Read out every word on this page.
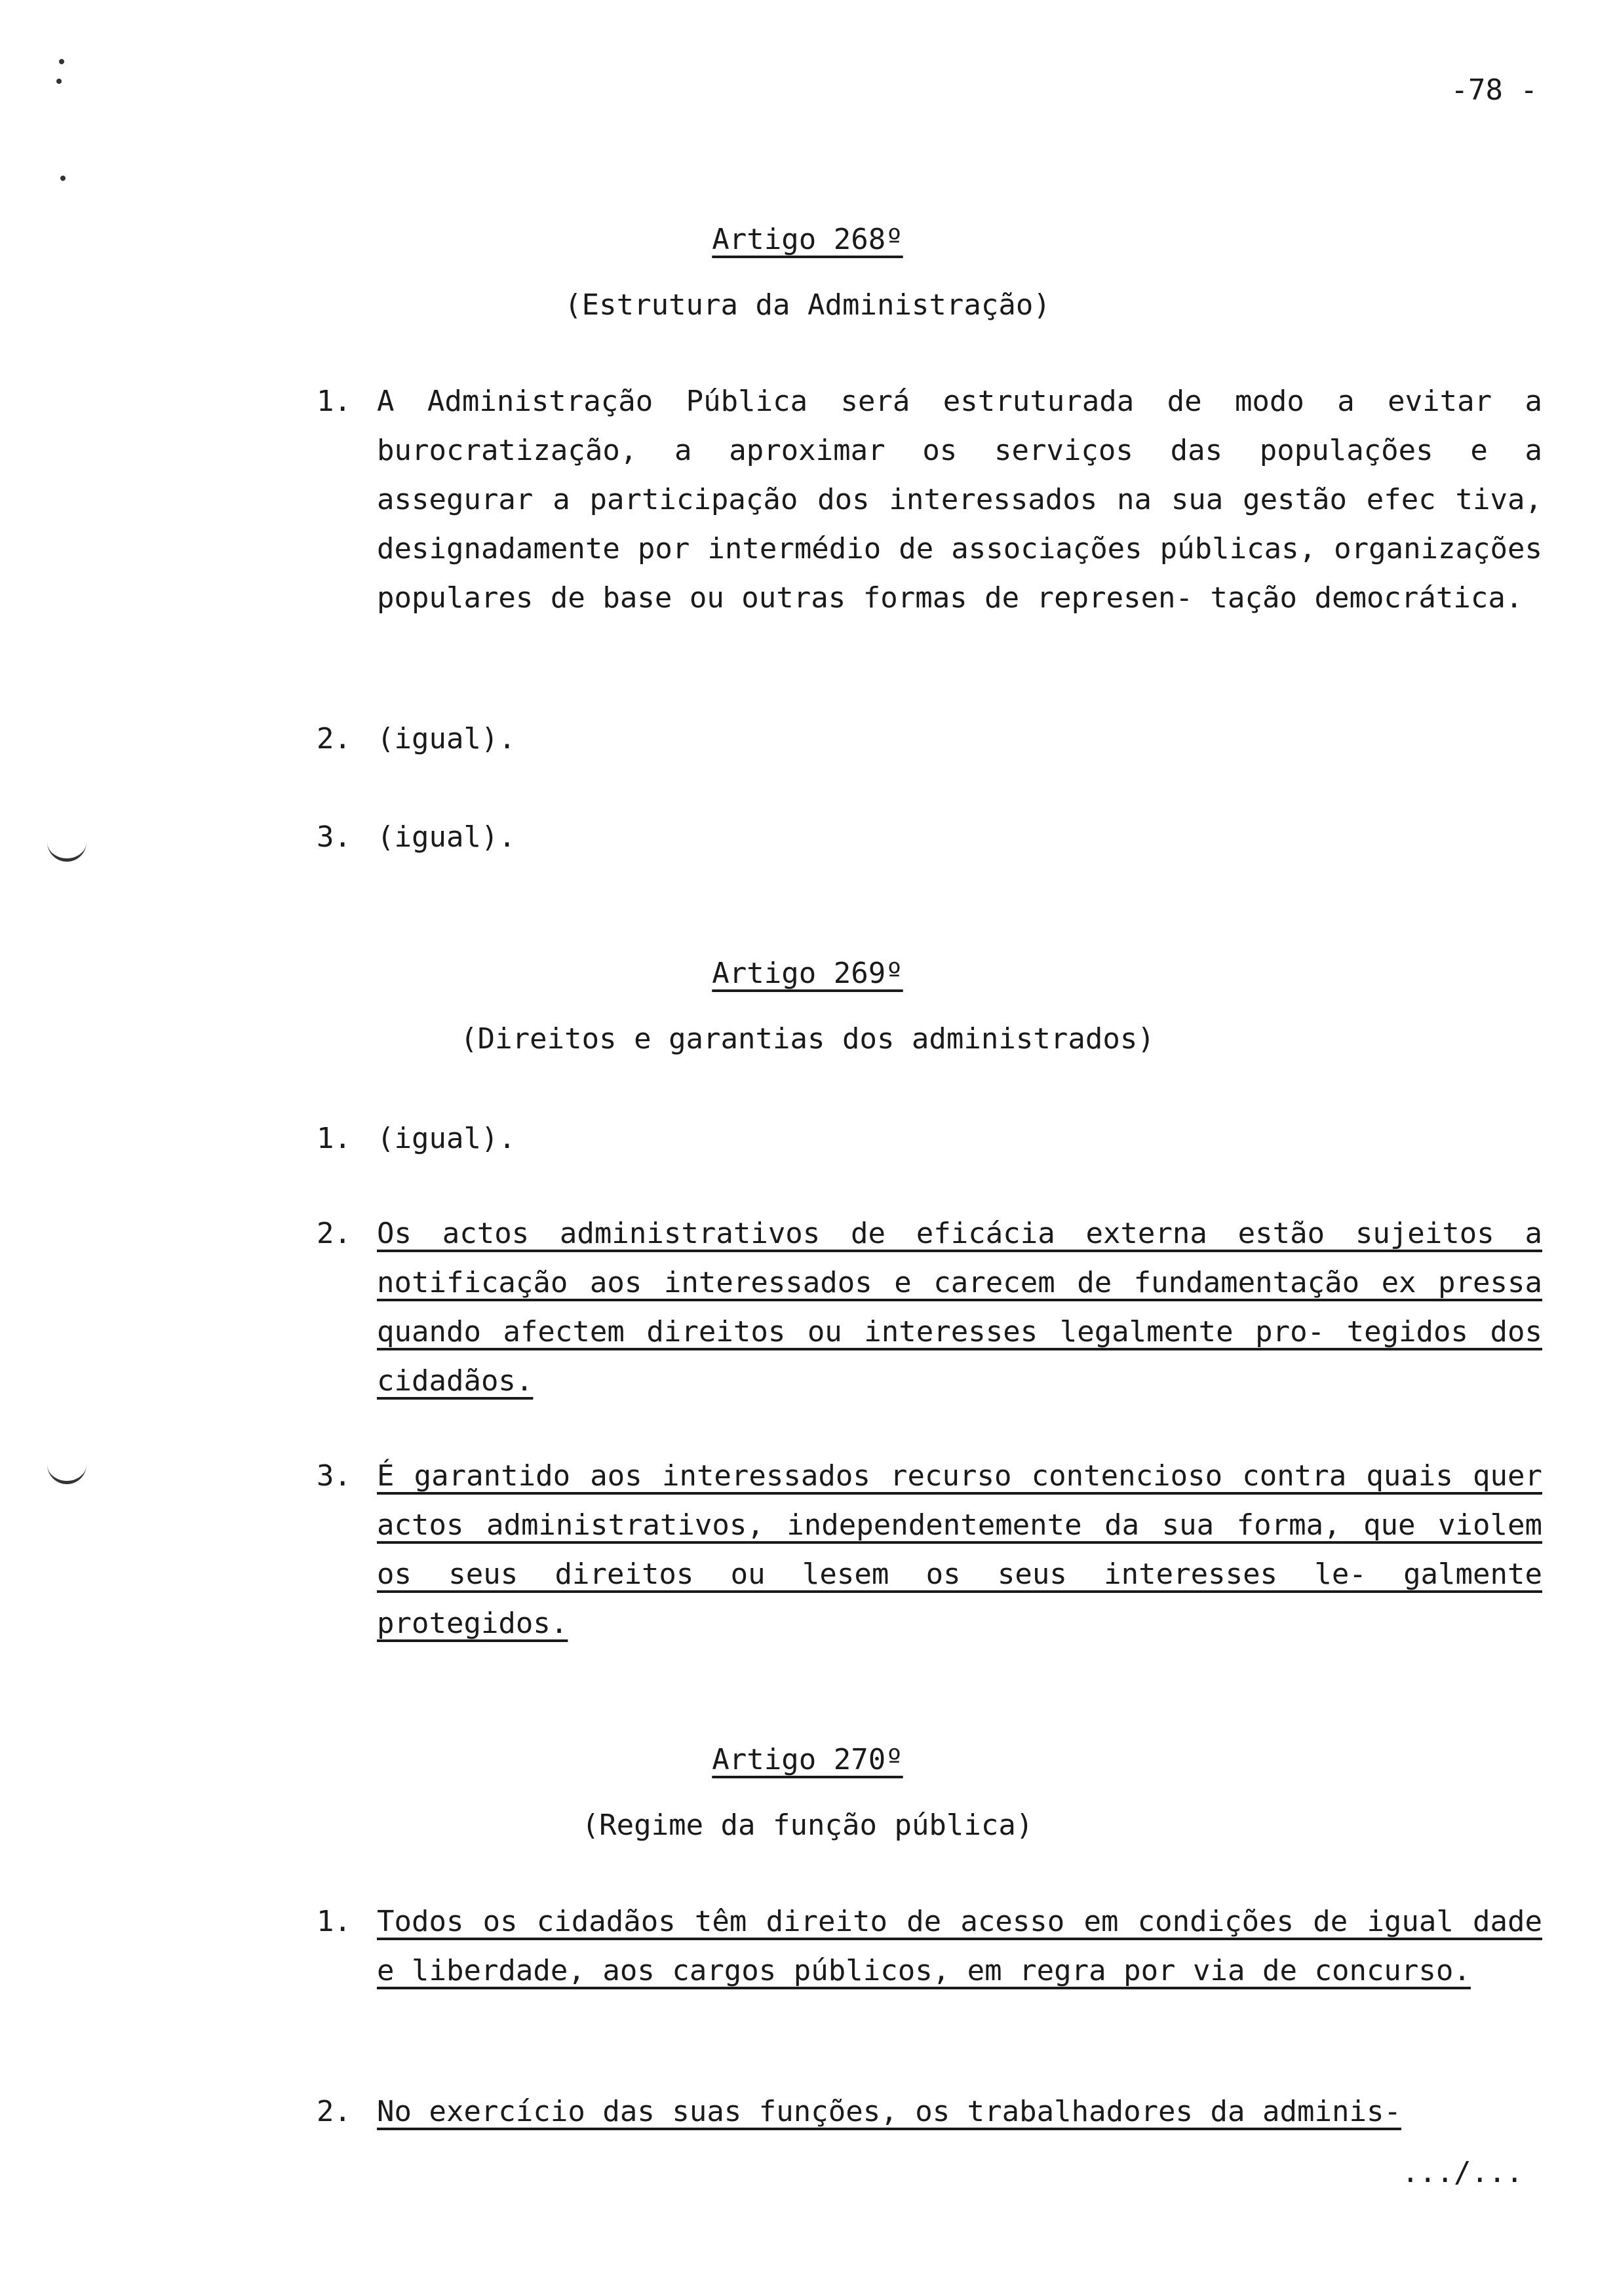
-78 -
Artigo 268º
(Estrutura da Administração)
1. A Administração Pública será estruturada de modo a evitar a burocratização, a aproximar os serviços das populações e a assegurar a participação dos interessados na sua gestão efec tiva, designadamente por intermédio de associações públicas, organizações populares de base ou outras formas de represen- tação democrática.
2. (igual).
3. (igual).
Artigo 269º
(Direitos e garantias dos administrados)
1. (igual).
2. Os actos administrativos de eficácia externa estão sujeitos a notificação aos interessados e carecem de fundamentação ex pressa quando afectem direitos ou interesses legalmente pro- tegidos dos cidadãos.
3. É garantido aos interessados recurso contencioso contra quais quer actos administrativos, independentemente da sua forma, que violem os seus direitos ou lesem os seus interesses le- galmente protegidos.
Artigo 270º
(Regime da função pública)
1. Todos os cidadãos têm direito de acesso em condições de igual dade e liberdade, aos cargos públicos, em regra por via de concurso.
2. No exercício das suas funções, os trabalhadores da adminis-
.../...
